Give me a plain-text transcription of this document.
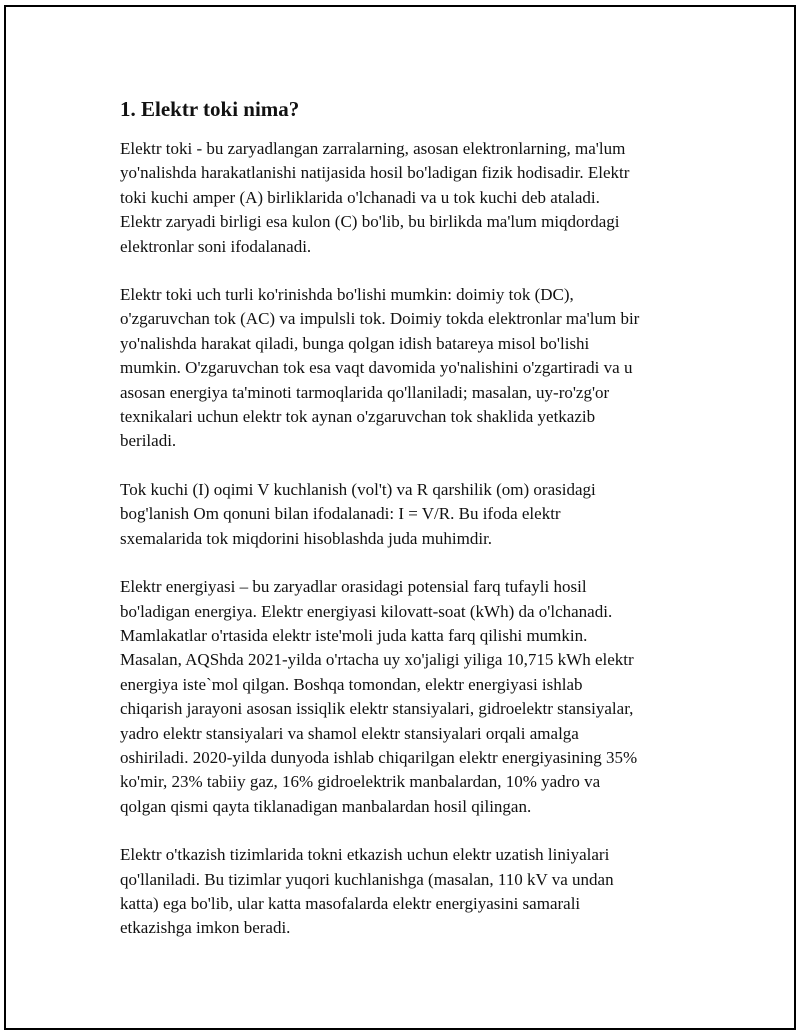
1. Elektr toki nima?

Elektr toki - bu zaryadlangan zarralarning, asosan elektronlarning, ma'lum
yo'nalishda harakatlanishi natijasida hosil bo'ladigan fizik hodisadir. Elektr
toki kuchi amper (A) birliklarida o'lchanadi va u tok kuchi deb ataladi.
Elektr zaryadi birligi esa kulon (C) bo'lib, bu birlikda ma'lum miqdordagi
elektronlar soni ifodalanadi.

Elektr toki uch turli ko'rinishda bo'lishi mumkin: doimiy tok (DC),
o'zgaruvchan tok (AC) va impulsli tok. Doimiy tokda elektronlar ma'lum bir
yo'nalishda harakat qiladi, bunga qolgan idish batareya misol bo'lishi
mumkin. O'zgaruvchan tok esa vaqt davomida yo'nalishini o'zgartiradi va u
asosan energiya ta'minoti tarmoqlarida qo'llaniladi; masalan, uy-ro'zg'or
texnikalari uchun elektr tok aynan o'zgaruvchan tok shaklida yetkazib
beriladi.

Tok kuchi (I) oqimi V kuchlanish (vol't) va R qarshilik (om) orasidagi
bog'lanish Om qonuni bilan ifodalanadi: I = V/R. Bu ifoda elektr
sxemalarida tok miqdorini hisoblashda juda muhimdir.

Elektr energiyasi – bu zaryadlar orasidagi potensial farq tufayli hosil
bo'ladigan energiya. Elektr energiyasi kilovatt-soat (kWh) da o'lchanadi.
Mamlakatlar o'rtasida elektr iste'moli juda katta farq qilishi mumkin.
Masalan, AQShda 2021-yilda o'rtacha uy xo'jaligi yiliga 10,715 kWh elektr
energiya iste`mol qilgan. Boshqa tomondan, elektr energiyasi ishlab
chiqarish jarayoni asosan issiqlik elektr stansiyalari, gidroelektr stansiyalar,
yadro elektr stansiyalari va shamol elektr stansiyalari orqali amalga
oshiriladi. 2020-yilda dunyoda ishlab chiqarilgan elektr energiyasining 35%
ko'mir, 23% tabiiy gaz, 16% gidroelektrik manbalardan, 10% yadro va
qolgan qismi qayta tiklanadigan manbalardan hosil qilingan.

Elektr o'tkazish tizimlarida tokni etkazish uchun elektr uzatish liniyalari
qo'llaniladi. Bu tizimlar yuqori kuchlanishga (masalan, 110 kV va undan
katta) ega bo'lib, ular katta masofalarda elektr energiyasini samarali
etkazishga imkon beradi.
